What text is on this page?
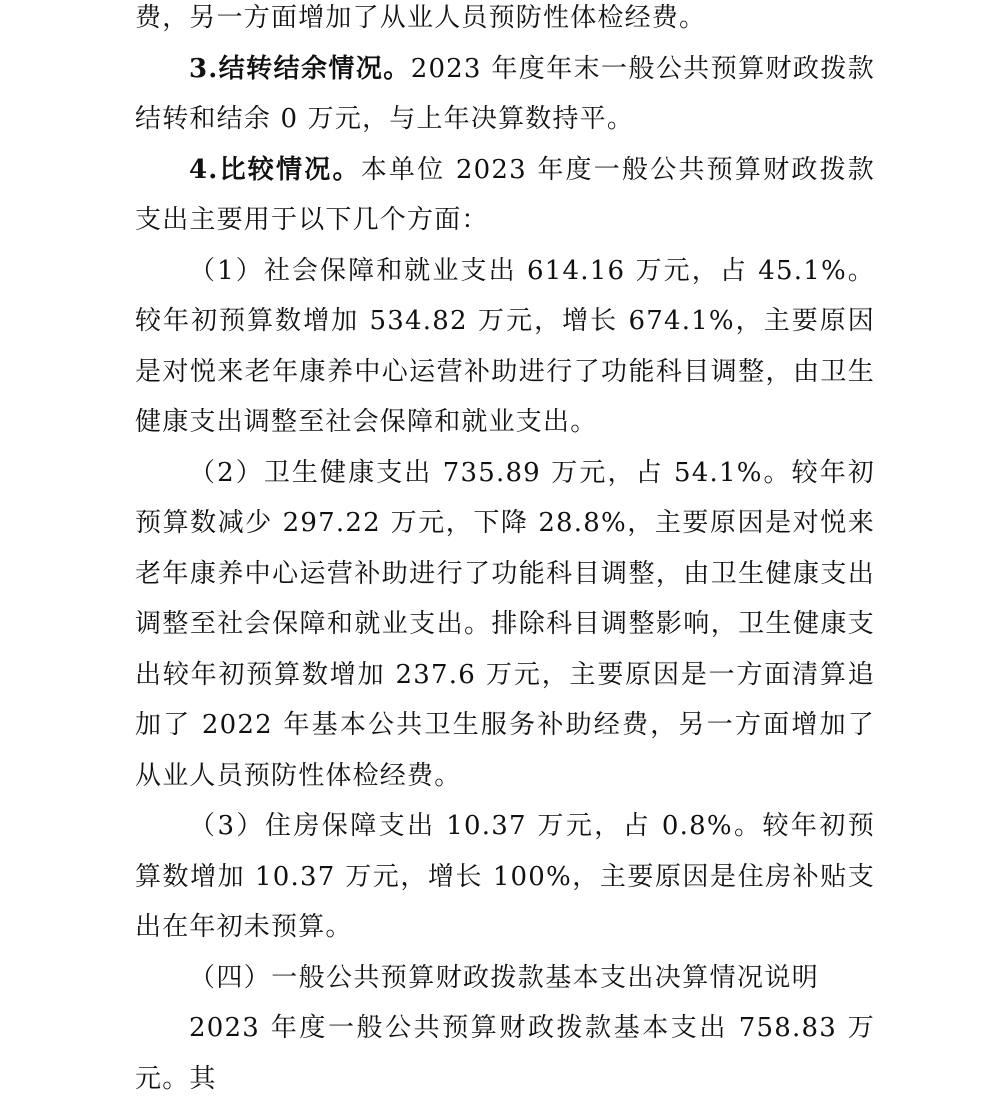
费，另一方面增加了从业人员预防性体检经费。

3.结转结余情况。2023 年度年末一般公共预算财政拨款结转和结余 0 万元，与上年决算数持平。

4.比较情况。本单位 2023 年度一般公共预算财政拨款支出主要用于以下几个方面：

（1）社会保障和就业支出 614.16 万元，占 45.1%。较年初预算数增加 534.82 万元，增长 674.1%，主要原因是对悦来老年康养中心运营补助进行了功能科目调整，由卫生健康支出调整至社会保障和就业支出。

（2）卫生健康支出 735.89 万元，占 54.1%。较年初预算数减少 297.22 万元，下降 28.8%，主要原因是对悦来老年康养中心运营补助进行了功能科目调整，由卫生健康支出调整至社会保障和就业支出。排除科目调整影响，卫生健康支出较年初预算数增加 237.6 万元，主要原因是一方面清算追加了 2022 年基本公共卫生服务补助经费，另一方面增加了从业人员预防性体检经费。

（3）住房保障支出 10.37 万元，占 0.8%。较年初预算数增加 10.37 万元，增长 100%，主要原因是住房补贴支出在年初未预算。

（四）一般公共预算财政拨款基本支出决算情况说明

2023 年度一般公共预算财政拨款基本支出 758.83 万元。其
